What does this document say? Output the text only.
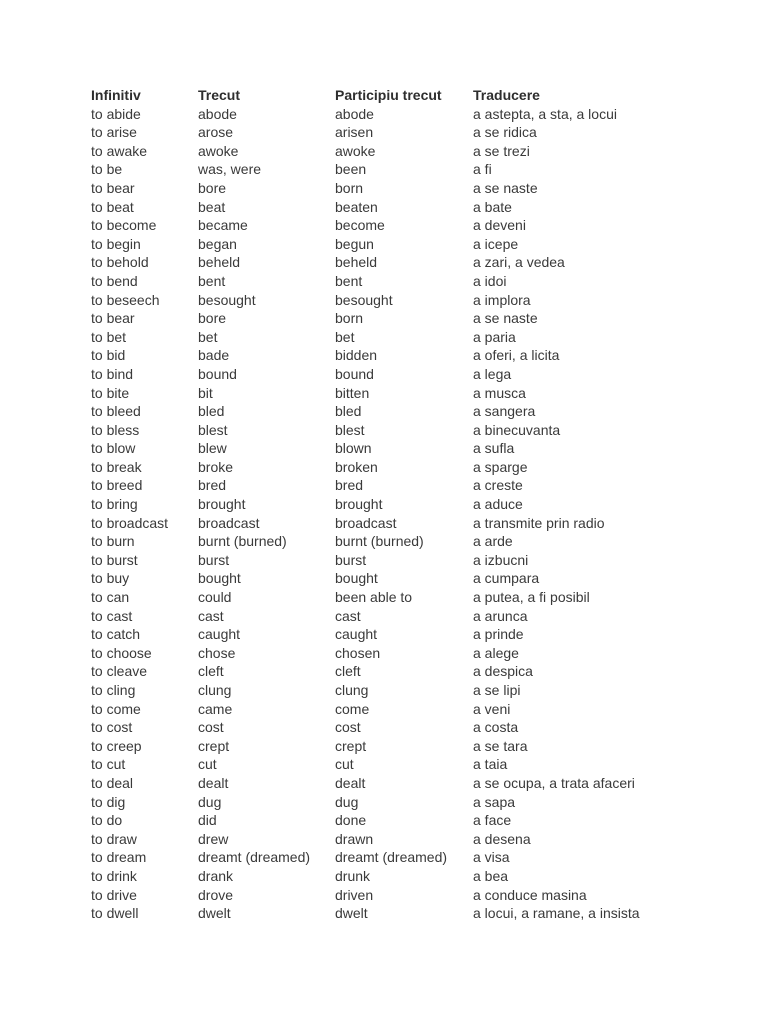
Infinitiv	Trecut	Participiu trecut	Traducere
to abide	abode	abode	a astepta, a sta, a locui
to arise	arose	arisen	a se ridica
to awake	awoke	awoke	a se trezi
to be	was, were	been	a fi
to bear	bore	born	a se naste
to beat	beat	beaten	a bate
to become	became	become	a deveni
to begin	began	begun	a icepe
to behold	beheld	beheld	a zari, a vedea
to bend	bent	bent	a idoi
to beseech	besought	besought	a implora
to bear	bore	born	a se naste
to bet	bet	bet	a paria
to bid	bade	bidden	a oferi, a licita
to bind	bound	bound	a lega
to bite	bit	bitten	a musca
to bleed	bled	bled	a sangera
to bless	blest	blest	a binecuvanta
to blow	blew	blown	a sufla
to break	broke	broken	a sparge
to breed	bred	bred	a creste
to bring	brought	brought	a aduce
to broadcast	broadcast	broadcast	a transmite prin radio
to burn	burnt (burned)	burnt (burned)	a arde
to burst	burst	burst	a izbucni
to buy	bought	bought	a cumpara
to can	could	been able to	a putea, a fi posibil
to cast	cast	cast	a arunca
to catch	caught	caught	a prinde
to choose	chose	chosen	a alege
to cleave	cleft	cleft	a despica
to cling	clung	clung	a se lipi
to come	came	come	a veni
to cost	cost	cost	a costa
to creep	crept	crept	a se tara
to cut	cut	cut	a taia
to deal	dealt	dealt	a se ocupa, a trata afaceri
to dig	dug	dug	a sapa
to do	did	done	a face
to draw	drew	drawn	a desena
to dream	dreamt (dreamed)	dreamt (dreamed)	a visa
to drink	drank	drunk	a bea
to drive	drove	driven	a conduce masina
to dwell	dwelt	dwelt	a locui, a ramane, a insista
